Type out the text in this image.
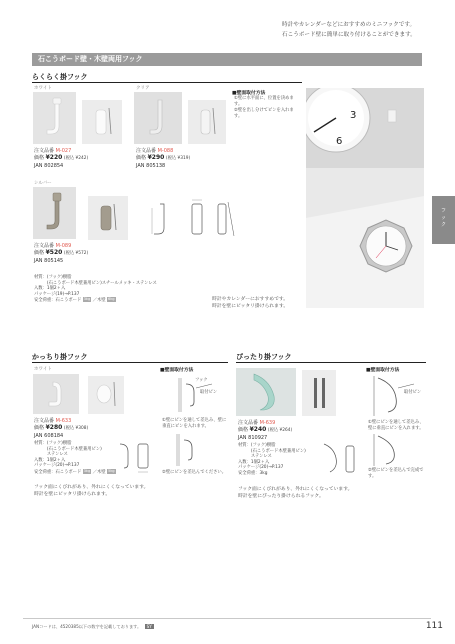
時計やカレンダーなどにおすすめのミニフックです。
石こうボード壁に簡単に取り付けることができます。
石こうボード壁・木壁両用フック
フ
ッ
ク
らくらく掛フック
ホワイト	クリア
注文品番 M-027
価格 ¥220 (税込 ¥242)
JAN 802854
注文品番 M-088
価格 ¥290 (税込 ¥319)
JAN 805138
■壁面取付方法
①壁に水平面に、位置を決めます。
②壁を出し分けてピンを入れます。	3
6
シルバー
注文品番 M-089
価格 ¥520 (税込 ¥572)
JAN 805145
材質：(フック)樹脂
　　　(石こうボード木壁兼用ピン)スチールメッキ・ステンレス
入数：1個2ヶ入
パッケージ(19)→P.137
安全荷重：石こうボード 3kg ／木壁 6kg	時計やカレンダーにおすすめです。
時計を壁にピッタリ掛けられます。
かっちり掛フック
ホワイト	■壁面取付方法
フック
取付ピン
①壁にピンを通して差込み、壁に垂直にピンを入れます。
②壁にピンを差込んでください。
注文品番 M-633
価格 ¥280 (税込 ¥308)
JAN 608184
材質：(フック)樹脂
　　　(石こうボード木壁兼用ピン)
　　　ステンレス
入数：1個2ヶ入
パッケージ(20)→P.137
安全荷重：石こうボード 3kg ／木壁 5kg
フック面にくびれがあり、外れにくくなっています。
時計を壁にピッタリ掛けられます。
ぴったり掛フック
■壁面取付方法
取付ピン
①壁にピンを通して差込み、壁に垂直にピンを入れます。
②壁にピンを差込んで完成です。
注文品番 M-639
価格 ¥240 (税込 ¥264)
JAN 810927
材質：(フック)樹脂
　　　(石こうボード木壁兼用ピン)
　　　ステンレス
入数：1個2ヶ入
パッケージ(20)→P.137
安全荷重：3kg
フック面にくびれがあり、外れにくくなっています。
時計を壁にぴったり掛けられるフック。
JANコードは、4520385以下の数字を記載しております。 SY	111
